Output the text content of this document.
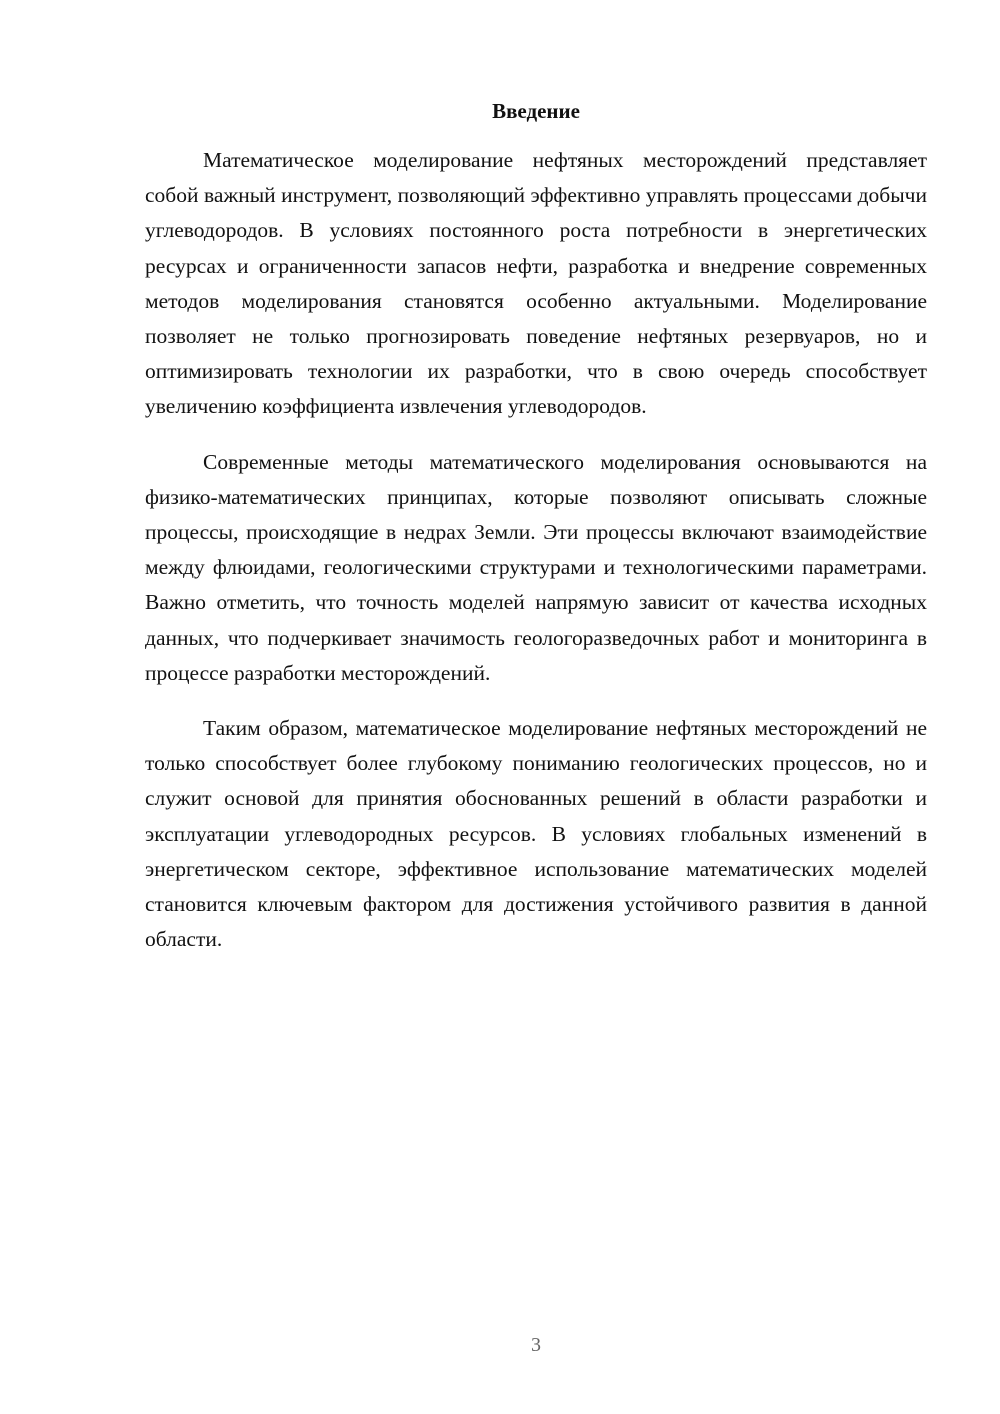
Введение

Математическое моделирование нефтяных месторождений представляет собой важный инструмент, позволяющий эффективно управлять процессами добычи углеводородов. В условиях постоянного роста потребности в энергетических ресурсах и ограниченности запасов нефти, разработка и внедрение современных методов моделирования становятся особенно актуальными. Моделирование позволяет не только прогнозировать поведение нефтяных резервуаров, но и оптимизировать технологии их разработки, что в свою очередь способствует увеличению коэффициента извлечения углеводородов.

Современные методы математического моделирования основываются на физико-математических принципах, которые позволяют описывать сложные процессы, происходящие в недрах Земли. Эти процессы включают взаимодействие между флюидами, геологическими структурами и технологическими параметрами. Важно отметить, что точность моделей напрямую зависит от качества исходных данных, что подчеркивает значимость геологоразведочных работ и мониторинга в процессе разработки месторождений.

Таким образом, математическое моделирование нефтяных месторождений не только способствует более глубокому пониманию геологических процессов, но и служит основой для принятия обоснованных решений в области разработки и эксплуатации углеводородных ресурсов. В условиях глобальных изменений в энергетическом секторе, эффективное использование математических моделей становится ключевым фактором для достижения устойчивого развития в данной области.

3
